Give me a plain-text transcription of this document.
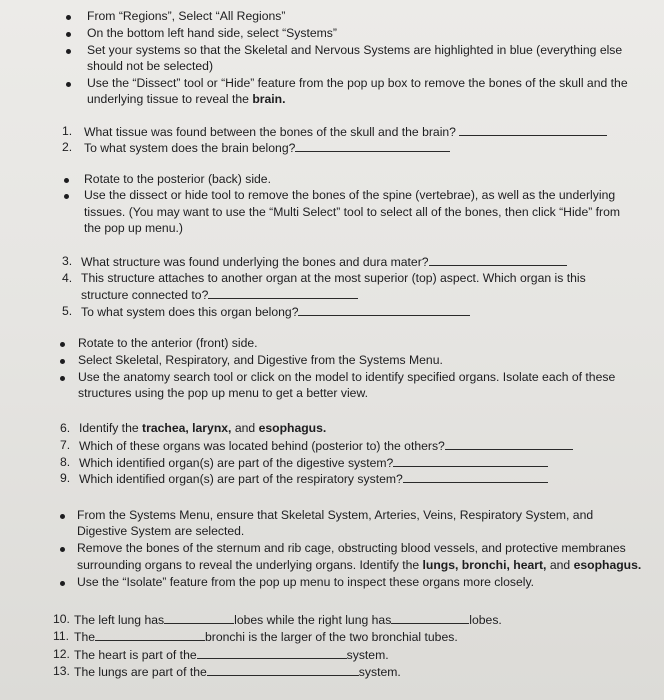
From “Regions”, Select “All Regions”
On the bottom left hand side, select “Systems”
Set your systems so that the Skeletal and Nervous Systems are highlighted in blue (everything else
should not be selected)
Use the “Dissect” tool or “Hide” feature from the pop up box to remove the bones of the skull and the
underlying tissue to reveal the brain.
1. What tissue was found between the bones of the skull and the brain?
2. To what system does the brain belong?
Rotate to the posterior (back) side.
Use the dissect or hide tool to remove the bones of the spine (vertebrae), as well as the underlying
tissues. (You may want to use the “Multi Select” tool to select all of the bones, then click “Hide” from
the pop up menu.)
3. What structure was found underlying the bones and dura mater?
4. This structure attaches to another organ at the most superior (top) aspect. Which organ is this
structure connected to?
5. To what system does this organ belong?
Rotate to the anterior (front) side.
Select Skeletal, Respiratory, and Digestive from the Systems Menu.
Use the anatomy search tool or click on the model to identify specified organs. Isolate each of these
structures using the pop up menu to get a better view.
6. Identify the trachea, larynx, and esophagus.
7. Which of these organs was located behind (posterior to) the others?
8. Which identified organ(s) are part of the digestive system?
9. Which identified organ(s) are part of the respiratory system?
From the Systems Menu, ensure that Skeletal System, Arteries, Veins, Respiratory System, and
Digestive System are selected.
Remove the bones of the sternum and rib cage, obstructing blood vessels, and protective membranes
surrounding organs to reveal the underlying organs. Identify the lungs, bronchi, heart, and esophagus.
Use the “Isolate” feature from the pop up menu to inspect these organs more closely.
10. The left lung has	lobes while the right lung has	lobes.
11. The	bronchi is the larger of the two bronchial tubes.
12. The heart is part of the	system.
13. The lungs are part of the	system.
